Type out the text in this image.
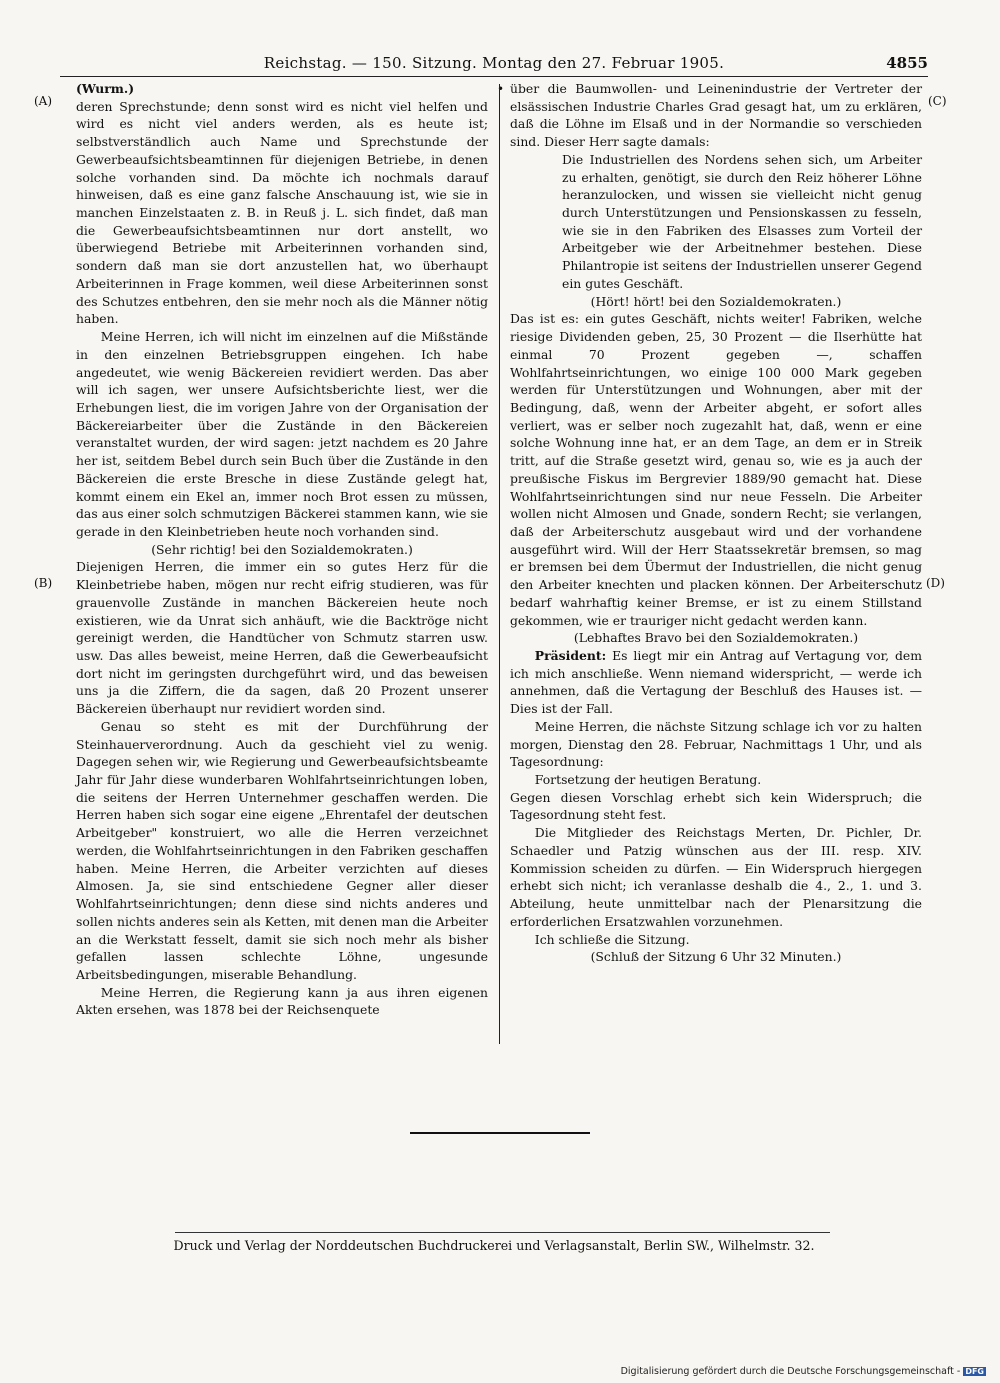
Reichstag. — 150. Sitzung. Montag den 27. Februar 1905.	4855
•
(A)
(B)
(C)
(D)

(Wurm.)

deren Sprechstunde; denn sonst wird es nicht viel helfen und wird es nicht viel anders werden, als es heute ist; selbstverständlich auch Name und Sprechstunde der Gewerbeaufsichtsbeamtinnen für diejenigen Betriebe, in denen solche vorhanden sind. Da möchte ich nochmals darauf hinweisen, daß es eine ganz falsche Anschauung ist, wie sie in manchen Einzelstaaten z. B. in Reuß j. L. sich findet, daß man die Gewerbeaufsichtsbeamtinnen nur dort anstellt, wo überwiegend Betriebe mit Arbeiterinnen vorhanden sind, sondern daß man sie dort anzustellen hat, wo überhaupt Arbeiterinnen in Frage kommen, weil diese Arbeiterinnen sonst des Schutzes entbehren, den sie mehr noch als die Männer nötig haben.

Meine Herren, ich will nicht im einzelnen auf die Mißstände in den einzelnen Betriebsgruppen eingehen. Ich habe angedeutet, wie wenig Bäckereien revidiert werden. Das aber will ich sagen, wer unsere Aufsichtsberichte liest, wer die Erhebungen liest, die im vorigen Jahre von der Organisation der Bäckereiarbeiter über die Zustände in den Bäckereien veranstaltet wurden, der wird sagen: jetzt nachdem es 20 Jahre her ist, seitdem Bebel durch sein Buch über die Zustände in den Bäckereien die erste Bresche in diese Zustände gelegt hat, kommt einem ein Ekel an, immer noch Brot essen zu müssen, das aus einer solch schmutzigen Bäckerei stammen kann, wie sie gerade in den Kleinbetrieben heute noch vorhanden sind.

(Sehr richtig! bei den Sozialdemokraten.)

Diejenigen Herren, die immer ein so gutes Herz für die Kleinbetriebe haben, mögen nur recht eifrig studieren, was für grauenvolle Zustände in manchen Bäckereien heute noch existieren, wie da Unrat sich anhäuft, wie die Backtröge nicht gereinigt werden, die Handtücher von Schmutz starren usw. usw. Das alles beweist, meine Herren, daß die Gewerbeaufsicht dort nicht im geringsten durchgeführt wird, und das beweisen uns ja die Ziffern, die da sagen, daß 20 Prozent unserer Bäckereien überhaupt nur revidiert worden sind.

Genau so steht es mit der Durchführung der Steinhauerverordnung. Auch da geschieht viel zu wenig. Dagegen sehen wir, wie Regierung und Gewerbeaufsichtsbeamte Jahr für Jahr diese wunderbaren Wohlfahrtseinrichtungen loben, die seitens der Herren Unternehmer geschaffen werden. Die Herren haben sich sogar eine eigene „Ehrentafel der deutschen Arbeitgeber" konstruiert, wo alle die Herren verzeichnet werden, die Wohlfahrtseinrichtungen in den Fabriken geschaffen haben. Meine Herren, die Arbeiter verzichten auf dieses Almosen. Ja, sie sind entschiedene Gegner aller dieser Wohlfahrtseinrichtungen; denn diese sind nichts anderes und sollen nichts anderes sein als Ketten, mit denen man die Arbeiter an die Werkstatt fesselt, damit sie sich noch mehr als bisher gefallen lassen schlechte Löhne, ungesunde Arbeitsbedingungen, miserable Behandlung.

Meine Herren, die Regierung kann ja aus ihren eigenen Akten ersehen, was 1878 bei der Reichsenquete

über die Baumwollen- und Leinenindustrie der Vertreter der elsässischen Industrie Charles Grad gesagt hat, um zu erklären, daß die Löhne im Elsaß und in der Normandie so verschieden sind. Dieser Herr sagte damals:

Die Industriellen des Nordens sehen sich, um Arbeiter zu erhalten, genötigt, sie durch den Reiz höherer Löhne heranzulocken, und wissen sie vielleicht nicht genug durch Unterstützungen und Pensionskassen zu fesseln, wie sie in den Fabriken des Elsasses zum Vorteil der Arbeitgeber wie der Arbeitnehmer bestehen. Diese Philantropie ist seitens der Industriellen unserer Gegend ein gutes Geschäft.

(Hört! hört! bei den Sozialdemokraten.)

Das ist es: ein gutes Geschäft, nichts weiter! Fabriken, welche riesige Dividenden geben, 25, 30 Prozent — die Ilserhütte hat einmal 70 Prozent gegeben —, schaffen Wohlfahrtseinrichtungen, wo einige 100 000 Mark gegeben werden für Unterstützungen und Wohnungen, aber mit der Bedingung, daß, wenn der Arbeiter abgeht, er sofort alles verliert, was er selber noch zugezahlt hat, daß, wenn er eine solche Wohnung inne hat, er an dem Tage, an dem er in Streik tritt, auf die Straße gesetzt wird, genau so, wie es ja auch der preußische Fiskus im Bergrevier 1889/90 gemacht hat. Diese Wohlfahrtseinrichtungen sind nur neue Fesseln. Die Arbeiter wollen nicht Almosen und Gnade, sondern Recht; sie verlangen, daß der Arbeiterschutz ausgebaut wird und der vorhandene ausgeführt wird. Will der Herr Staatssekretär bremsen, so mag er bremsen bei dem Übermut der Industriellen, die nicht genug den Arbeiter knechten und placken können. Der Arbeiterschutz bedarf wahrhaftig keiner Bremse, er ist zu einem Stillstand gekommen, wie er trauriger nicht gedacht werden kann.

(Lebhaftes Bravo bei den Sozialdemokraten.)

Präsident: Es liegt mir ein Antrag auf Vertagung vor, dem ich mich anschließe. Wenn niemand widerspricht, — werde ich annehmen, daß die Vertagung der Beschluß des Hauses ist. — Dies ist der Fall.

Meine Herren, die nächste Sitzung schlage ich vor zu halten morgen, Dienstag den 28. Februar, Nachmittags 1 Uhr, und als Tagesordnung:

Fortsetzung der heutigen Beratung.

Gegen diesen Vorschlag erhebt sich kein Widerspruch; die Tagesordnung steht fest.

Die Mitglieder des Reichstags Merten, Dr. Pichler, Dr. Schaedler und Patzig wünschen aus der III. resp. XIV. Kommission scheiden zu dürfen. — Ein Widerspruch hiergegen erhebt sich nicht; ich veranlasse deshalb die 4., 2., 1. und 3. Abteilung, heute unmittelbar nach der Plenarsitzung die erforderlichen Ersatzwahlen vorzunehmen.

Ich schließe die Sitzung.

(Schluß der Sitzung 6 Uhr 32 Minuten.)

Druck und Verlag der Norddeutschen Buchdruckerei und Verlagsanstalt, Berlin SW., Wilhelmstr. 32.
Digitalisierung gefördert durch die Deutsche Forschungsgemeinschaft - DFG
